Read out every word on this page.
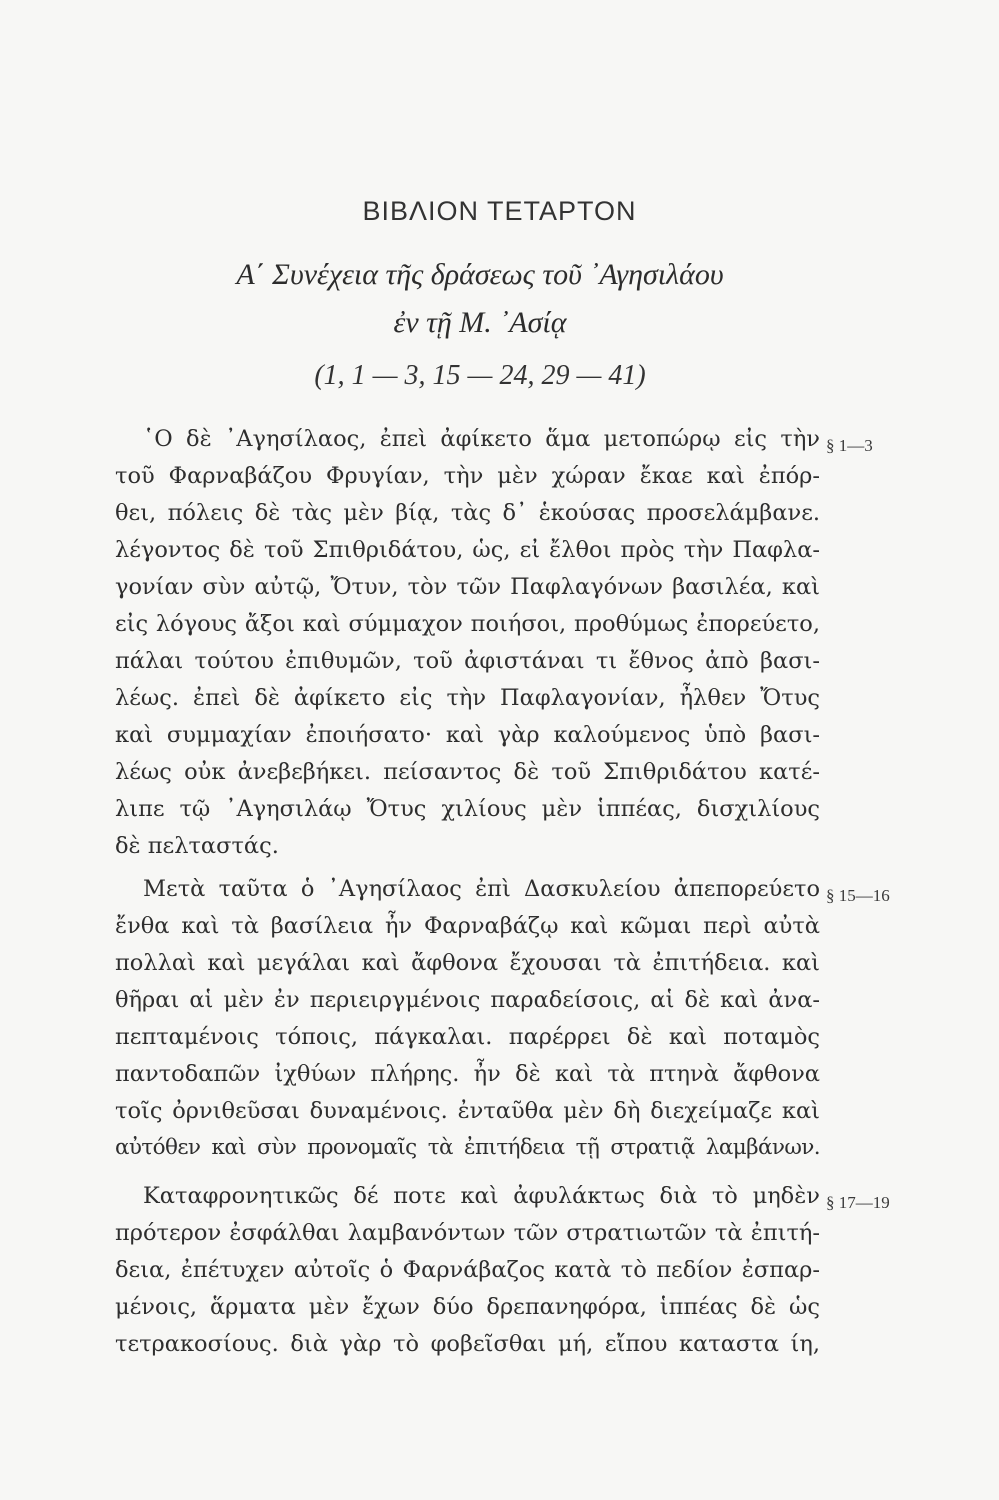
ΒΙΒΛΙΟΝ ΤΕΤΑΡΤΟΝ
Α΄ Συνέχεια τῆς δράσεως τοῦ ᾿Αγησιλάου
ἐν τῇ Μ. ᾿Ασίᾳ
(1, 1 — 3, 15 — 24, 29 — 41)
§ 1—3
῾Ο δὲ ᾿Αγησίλαος, ἐπεὶ ἀφίκετο ἅμα μετοπώρῳ εἰς τὴν
τοῦ Φαρναβάζου Φρυγίαν, τὴν μὲν χώραν ἔκαε καὶ ἐπόρ-
θει, πόλεις δὲ τὰς μὲν βίᾳ, τὰς δ᾿ ἑκούσας προσελάμβανε.
λέγοντος δὲ τοῦ Σπιθριδάτου, ὡς, εἰ ἔλθοι πρὸς τὴν Παφλα-
γονίαν σὺν αὐτῷ, Ὄτυν, τὸν τῶν Παφλαγόνων βασιλέα, καὶ
εἰς λόγους ἄξοι καὶ σύμμαχον ποιήσοι, προθύμως ἐπορεύετο,
πάλαι τούτου ἐπιθυμῶν, τοῦ ἀφιστάναι τι ἔθνος ἀπὸ βασι-
λέως. ἐπεὶ δὲ ἀφίκετο εἰς τὴν Παφλαγονίαν, ἦλθεν Ὄτυς
καὶ συμμαχίαν ἐποιήσατο· καὶ γὰρ καλούμενος ὑπὸ βασι-
λέως οὐκ ἀνεβεβήκει. πείσαντος δὲ τοῦ Σπιθριδάτου κατέ-
λιπε τῷ ᾿Αγησιλάῳ Ὄτυς χιλίους μὲν ἱππέας, δισχιλίους
δὲ πελταστάς.
§ 15—16
Μετὰ ταῦτα ὁ ᾿Αγησίλαος ἐπὶ Δασκυλείου ἀπεπορεύετο
ἔνθα καὶ τὰ βασίλεια ἦν Φαρναβάζῳ καὶ κῶμαι περὶ αὐτὰ
πολλαὶ καὶ μεγάλαι καὶ ἄφθονα ἔχουσαι τὰ ἐπιτήδεια. καὶ
θῆραι αἱ μὲν ἐν περιειργμένοις παραδείσοις, αἱ δὲ καὶ ἀνα-
πεπταμένοις τόποις, πάγκαλαι. παρέρρει δὲ καὶ ποταμὸς
παντοδαπῶν ἰχθύων πλήρης. ἦν δὲ καὶ τὰ πτηνὰ ἄφθονα
τοῖς ὀρνιθεῦσαι δυναμένοις. ἐνταῦθα μὲν δὴ διεχείμαζε καὶ
αὐτόθεν καὶ σὺν προνομαῖς τὰ ἐπιτήδεια τῇ στρατιᾷ λαμβάνων.
§ 17—19
Καταφρονητικῶς δέ ποτε καὶ ἀφυλάκτως διὰ τὸ μηδὲν
πρότερον ἐσφάλθαι λαμβανόντων τῶν στρατιωτῶν τὰ ἐπιτή-
δεια, ἐπέτυχεν αὐτοῖς ὁ Φαρνάβαζος κατὰ τὸ πεδίον ἐσπαρ-
μένοις, ἅρματα μὲν ἔχων δύο δρεπανηφόρα, ἱππέας δὲ ὡς
τετρακοσίους. διὰ γὰρ τὸ φοβεῖσθαι μή, εἴπου καταστα ίη,
